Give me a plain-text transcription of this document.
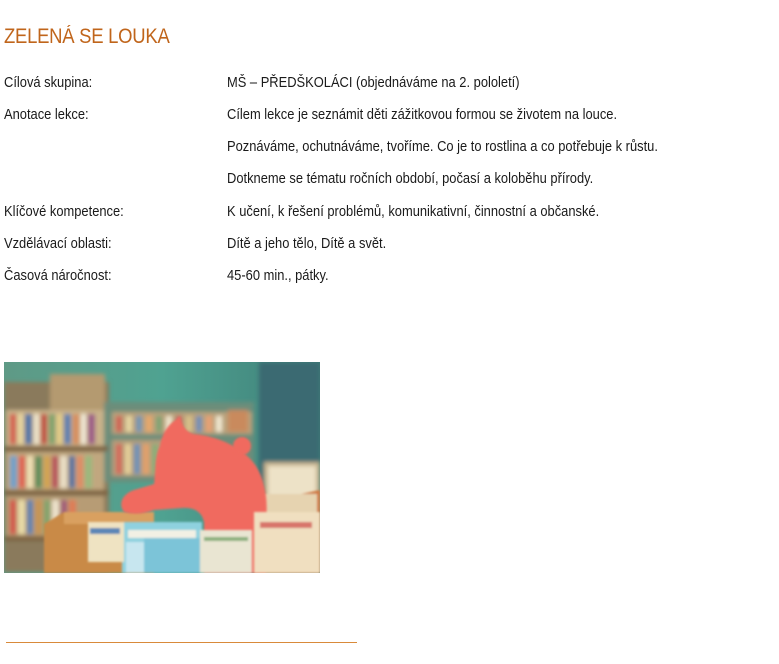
ZELENÁ SE LOUKA
Cílová skupina:	MŠ – PŘEDŠKOLÁCI (objednáváme na 2. pololetí)
Anotace lekce:	Cílem lekce je seznámit děti zážitkovou formou se životem na louce.
Poznáváme, ochutnáváme, tvoříme. Co je to rostlina a co potřebuje k růstu.
Dotkneme se tématu ročních období, počasí a koloběhu přírody.
Klíčové kompetence:	K učení, k řešení problémů, komunikativní, činnostní a občanské.
Vzdělávací oblasti:	Dítě a jeho tělo, Dítě a svět.
Časová náročnost:	45-60 min., pátky.
